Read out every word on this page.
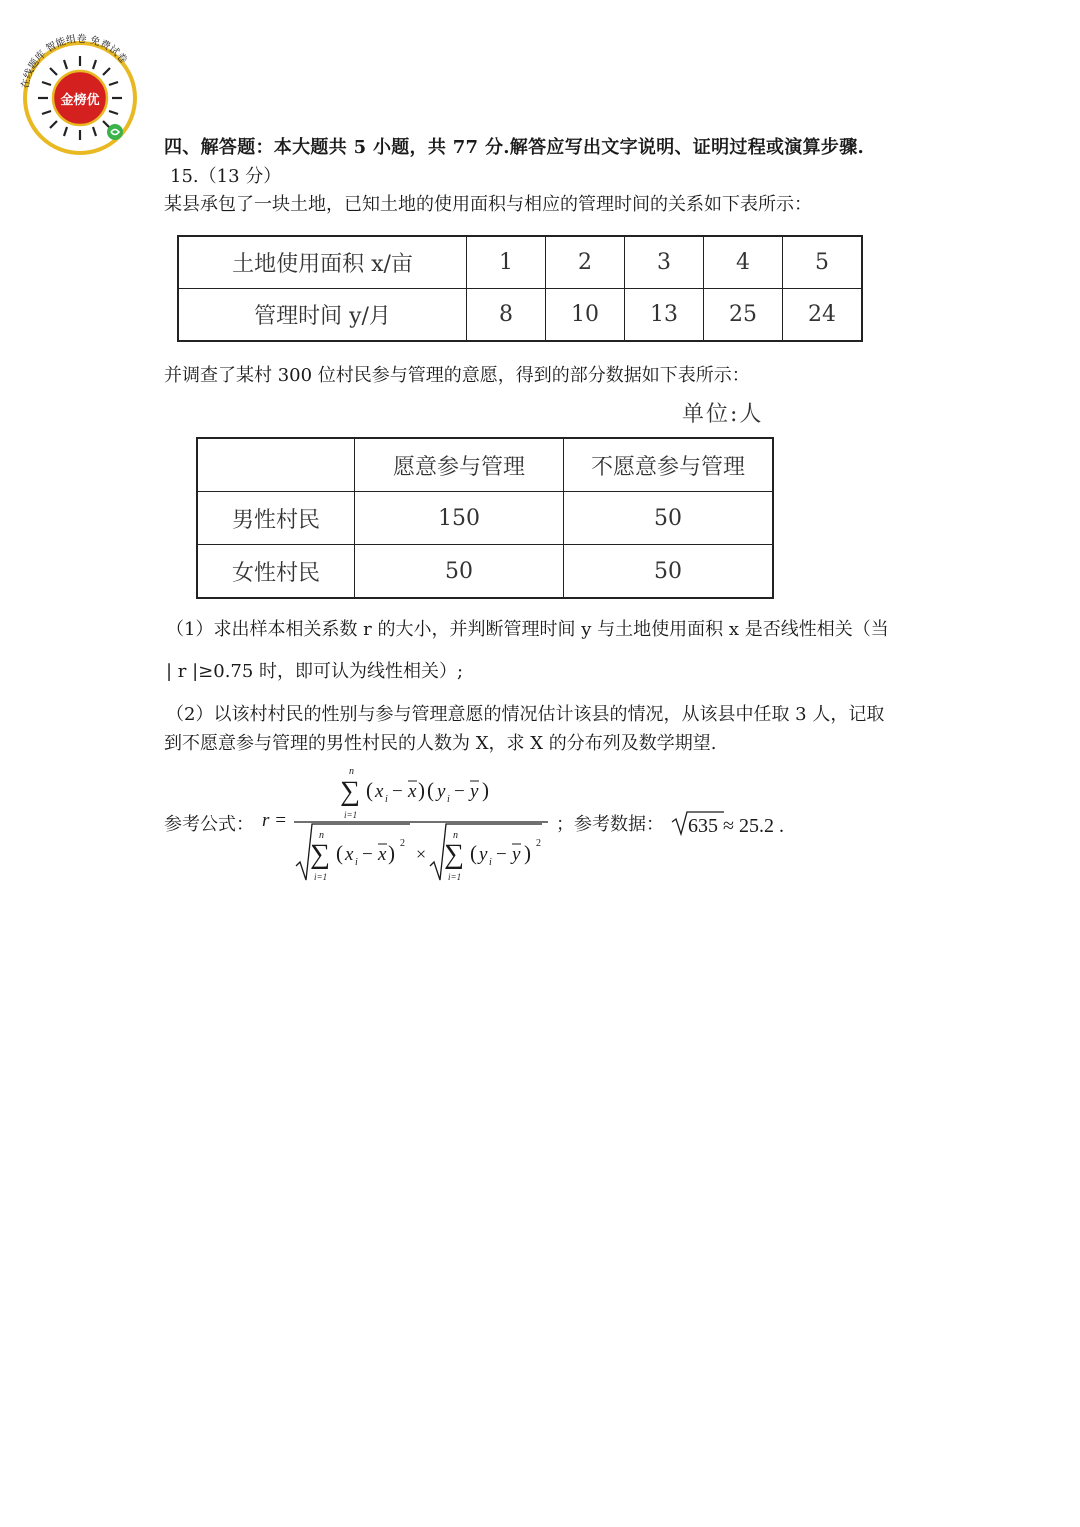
金榜优
在线题库 智能组卷 免费试卷
四、解答题：本大题共 5 小题，共 77 分.解答应写出文字说明、证明过程或演算步骤.
15.（13 分）
某县承包了一块土地，已知土地的使用面积与相应的管理时间的关系如下表所示：
土地使用面积 x/亩	1	2	3	4	5
管理时间 y/月	8	10	13	25	24
并调查了某村 300 位村民参与管理的意愿，得到的部分数据如下表所示：
单位:人
	愿意参与管理	不愿意参与管理
男性村民	150	50
女性村民	50	50
（1）求出样本相关系数 r 的大小，并判断管理时间 y 与土地使用面积 x 是否线性相关（当
| r |≥0.75 时，即可认为线性相关）;
（2）以该村村民的性别与参与管理意愿的情况估计该县的情况，从该县中任取 3 人，记取
到不愿意参与管理的男性村民的人数为 X，求 X 的分布列及数学期望.
参考公式： r =
n
∑
i=1
( x i − x ) ( y i − y )
n
∑
i=1
( x i − x ) 2
×
n
∑
i=1
( y i − y ) 2
；参考数据： 635 ≈ 25.2 .
